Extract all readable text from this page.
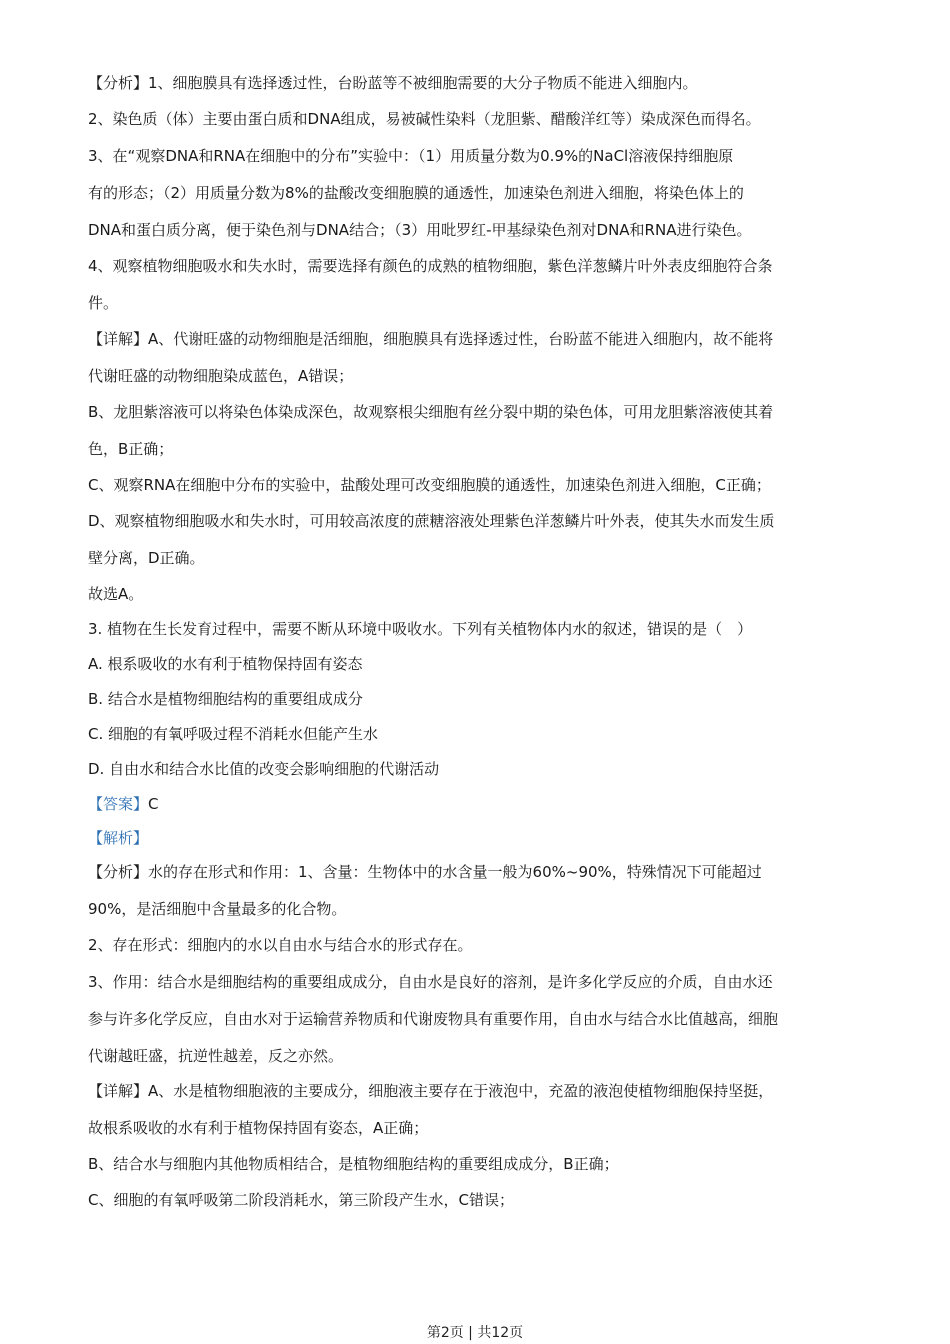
【分析】1、细胞膜具有选择透过性，台盼蓝等不被细胞需要的大分子物质不能进入细胞内。
2、染色质（体）主要由蛋白质和DNA组成，易被碱性染料（龙胆紫、醋酸洋红等）染成深色而得名。
3、在“观察DNA和RNA在细胞中的分布”实验中：（1）用质量分数为0.9%的NaCl溶液保持细胞原
有的形态；（2）用质量分数为8%的盐酸改变细胞膜的通透性，加速染色剂进入细胞，将染色体上的
DNA和蛋白质分离，便于染色剂与DNA结合；（3）用吡罗红-甲基绿染色剂对DNA和RNA进行染色。
4、观察植物细胞吸水和失水时，需要选择有颜色的成熟的植物细胞，紫色洋葱鳞片叶外表皮细胞符合条
件。
【详解】A、代谢旺盛的动物细胞是活细胞，细胞膜具有选择透过性，台盼蓝不能进入细胞内，故不能将
代谢旺盛的动物细胞染成蓝色，A错误；
B、龙胆紫溶液可以将染色体染成深色，故观察根尖细胞有丝分裂中期的染色体，可用龙胆紫溶液使其着
色，B正确；
C、观察RNA在细胞中分布的实验中，盐酸处理可改变细胞膜的通透性，加速染色剂进入细胞，C正确；
D、观察植物细胞吸水和失水时，可用较高浓度的蔗糖溶液处理紫色洋葱鳞片叶外表，使其失水而发生质
壁分离，D正确。
故选A。
3. 植物在生长发育过程中，需要不断从环境中吸收水。下列有关植物体内水的叙述，错误的是（　）
A. 根系吸收的水有利于植物保持固有姿态
B. 结合水是植物细胞结构的重要组成成分
C. 细胞的有氧呼吸过程不消耗水但能产生水
D. 自由水和结合水比值的改变会影响细胞的代谢活动
【答案】C
【解析】
【分析】水的存在形式和作用：1、含量：生物体中的水含量一般为60%~90%，特殊情况下可能超过
90%，是活细胞中含量最多的化合物。
2、存在形式：细胞内的水以自由水与结合水的形式存在。
3、作用：结合水是细胞结构的重要组成成分，自由水是良好的溶剂，是许多化学反应的介质，自由水还
参与许多化学反应，自由水对于运输营养物质和代谢废物具有重要作用，自由水与结合水比值越高，细胞
代谢越旺盛，抗逆性越差，反之亦然。
【详解】A、水是植物细胞液的主要成分，细胞液主要存在于液泡中，充盈的液泡使植物细胞保持坚挺，
故根系吸收的水有利于植物保持固有姿态，A正确；
B、结合水与细胞内其他物质相结合，是植物细胞结构的重要组成成分，B正确；
C、细胞的有氧呼吸第二阶段消耗水，第三阶段产生水，C错误；
第2页 | 共12页
